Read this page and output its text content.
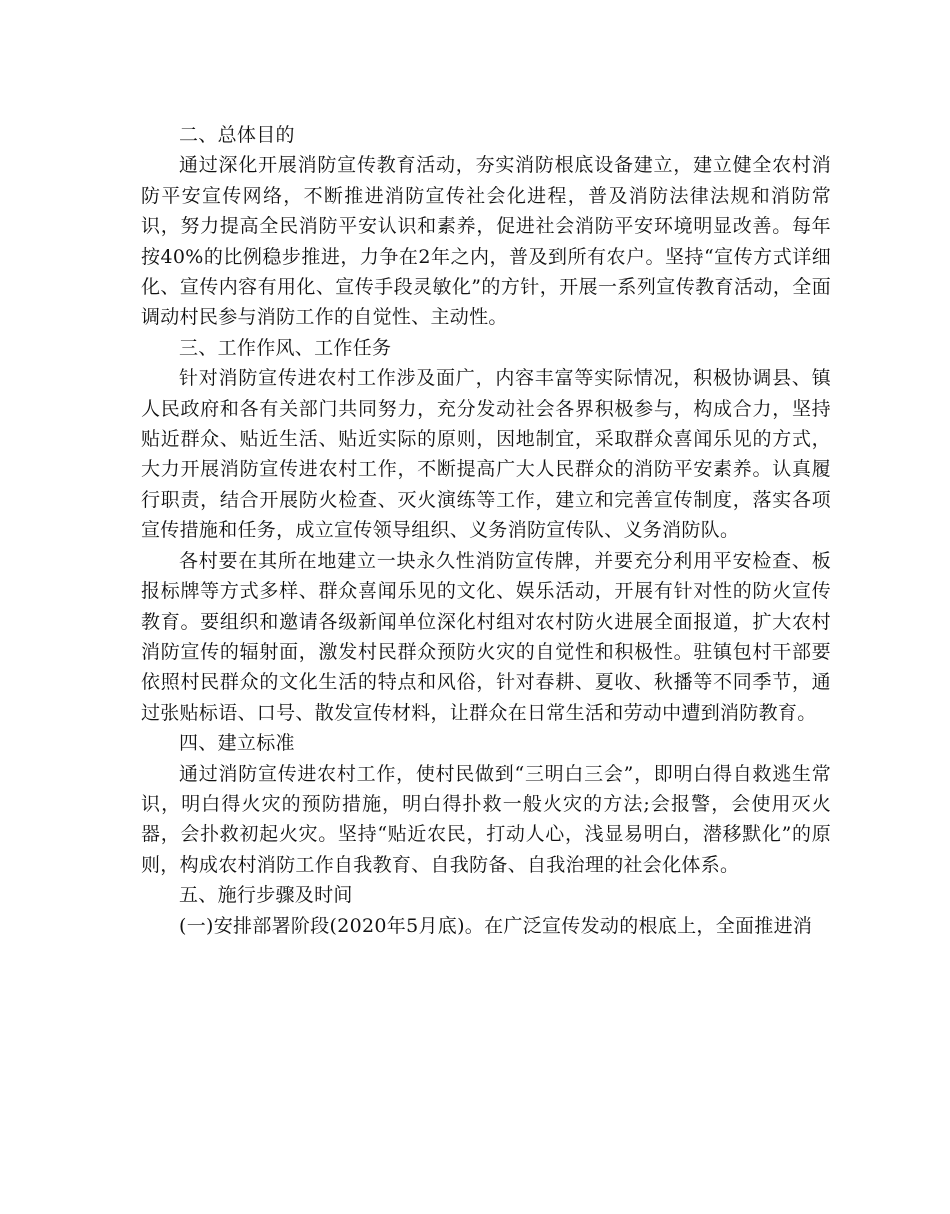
二、总体目的

通过深化开展消防宣传教育活动，夯实消防根底设备建立，建立健全农村消防平安宣传网络，不断推进消防宣传社会化进程，普及消防法律法规和消防常识，努力提高全民消防平安认识和素养，促进社会消防平安环境明显改善。每年按40%的比例稳步推进，力争在2年之内，普及到所有农户。坚持“宣传方式详细化、宣传内容有用化、宣传手段灵敏化”的方针，开展一系列宣传教育活动，全面调动村民参与消防工作的自觉性、主动性。

三、工作作风、工作任务

针对消防宣传进农村工作涉及面广，内容丰富等实际情况，积极协调县、镇人民政府和各有关部门共同努力，充分发动社会各界积极参与，构成合力，坚持贴近群众、贴近生活、贴近实际的原则，因地制宜，采取群众喜闻乐见的方式，大力开展消防宣传进农村工作，不断提高广大人民群众的消防平安素养。认真履行职责，结合开展防火检查、灭火演练等工作，建立和完善宣传制度，落实各项宣传措施和任务，成立宣传领导组织、义务消防宣传队、义务消防队。

各村要在其所在地建立一块永久性消防宣传牌，并要充分利用平安检查、板报标牌等方式多样、群众喜闻乐见的文化、娱乐活动，开展有针对性的防火宣传教育。要组织和邀请各级新闻单位深化村组对农村防火进展全面报道，扩大农村消防宣传的辐射面，激发村民群众预防火灾的自觉性和积极性。驻镇包村干部要依照村民群众的文化生活的特点和风俗，针对春耕、夏收、秋播等不同季节，通过张贴标语、口号、散发宣传材料，让群众在日常生活和劳动中遭到消防教育。

四、建立标准

通过消防宣传进农村工作，使村民做到“三明白三会”，即明白得自救逃生常识，明白得火灾的预防措施，明白得扑救一般火灾的方法;会报警，会使用灭火器，会扑救初起火灾。坚持“贴近农民，打动人心，浅显易明白，潜移默化”的原则，构成农村消防工作自我教育、自我防备、自我治理的社会化体系。

五、施行步骤及时间

(一)安排部署阶段(2020年5月底)。在广泛宣传发动的根底上，全面推进消
